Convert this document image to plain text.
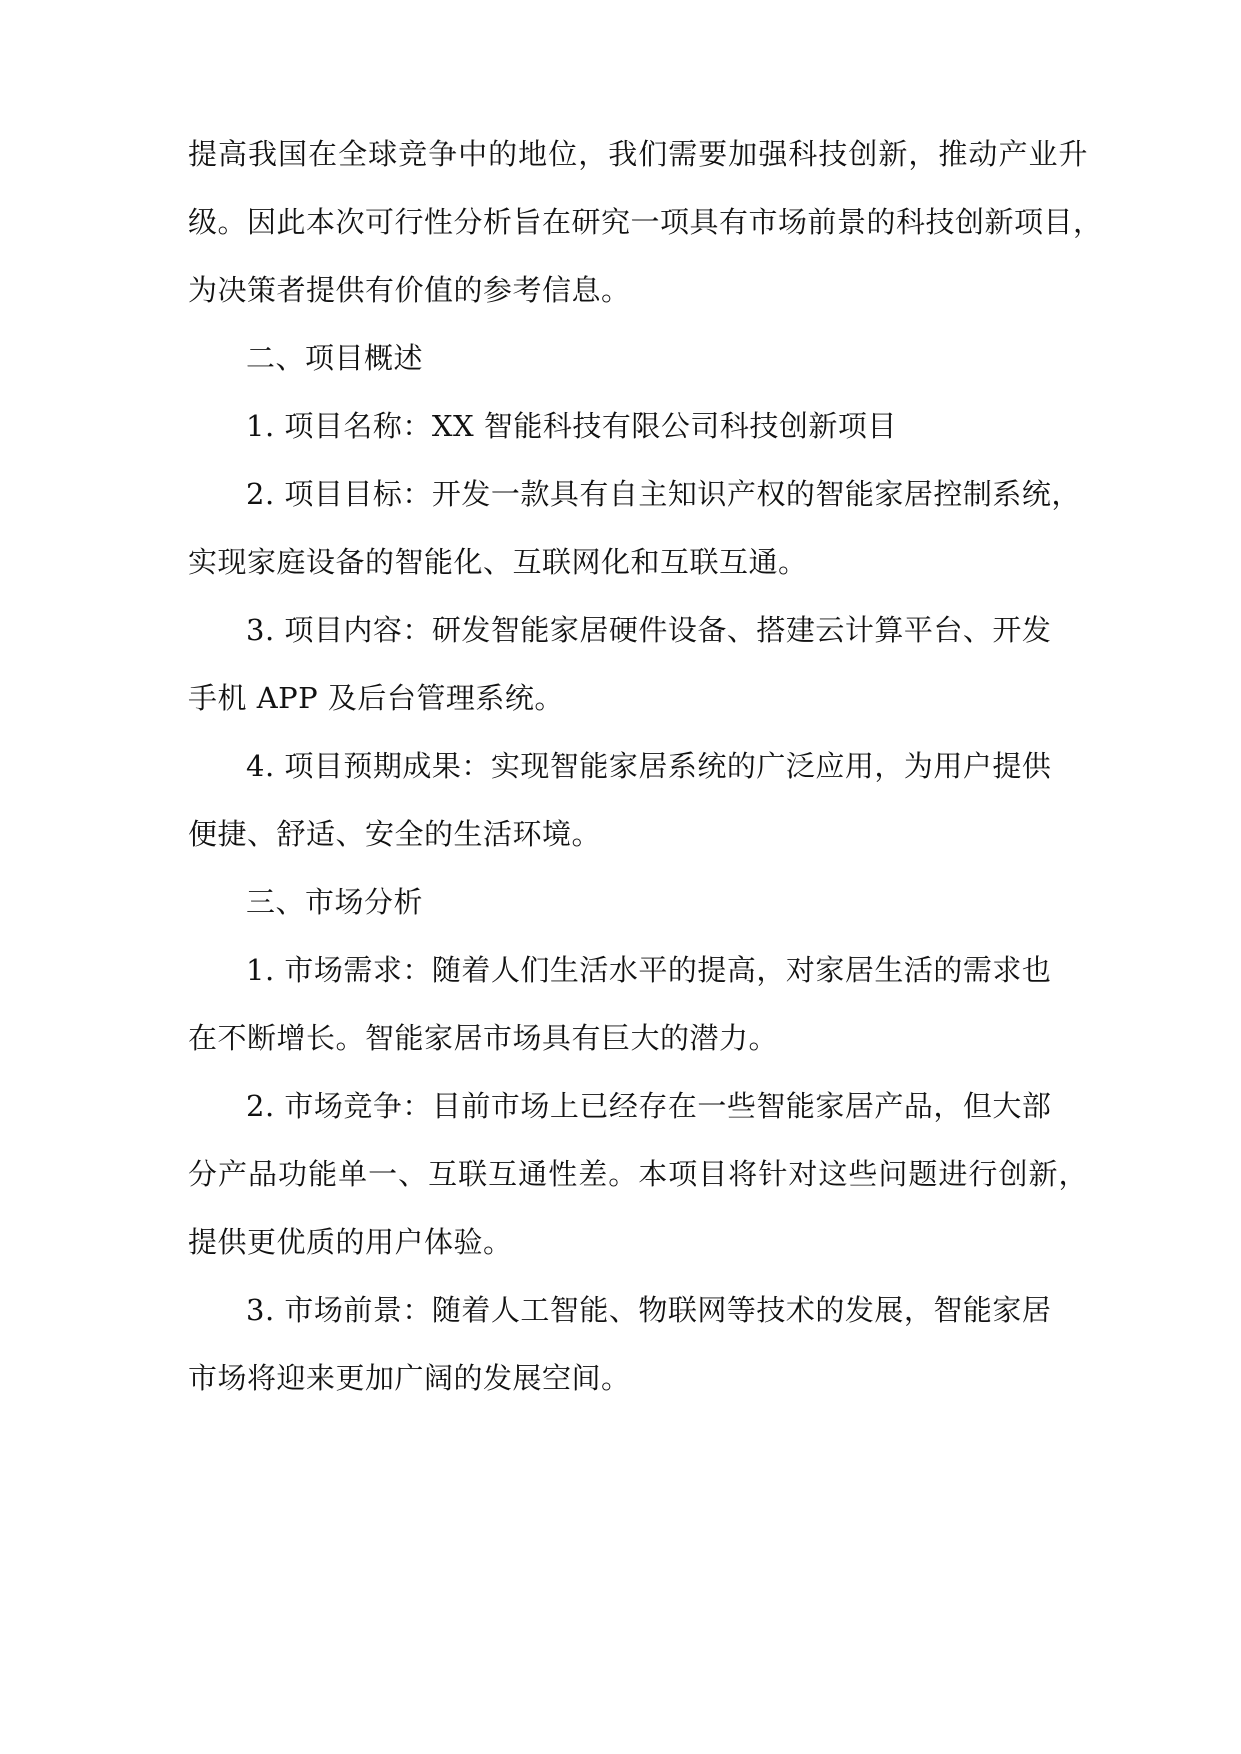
提高我国在全球竞争中的地位，我们需要加强科技创新，推动产业升
级。因此本次可行性分析旨在研究一项具有市场前景的科技创新项目，
为决策者提供有价值的参考信息。
二、项目概述
1. 项目名称：XX 智能科技有限公司科技创新项目
2. 项目目标：开发一款具有自主知识产权的智能家居控制系统，
实现家庭设备的智能化、互联网化和互联互通。
3. 项目内容：研发智能家居硬件设备、搭建云计算平台、开发
手机 APP 及后台管理系统。
4. 项目预期成果：实现智能家居系统的广泛应用，为用户提供
便捷、舒适、安全的生活环境。
三、市场分析
1. 市场需求：随着人们生活水平的提高，对家居生活的需求也
在不断增长。智能家居市场具有巨大的潜力。
2. 市场竞争：目前市场上已经存在一些智能家居产品，但大部
分产品功能单一、互联互通性差。本项目将针对这些问题进行创新，
提供更优质的用户体验。
3. 市场前景：随着人工智能、物联网等技术的发展，智能家居
市场将迎来更加广阔的发展空间。
